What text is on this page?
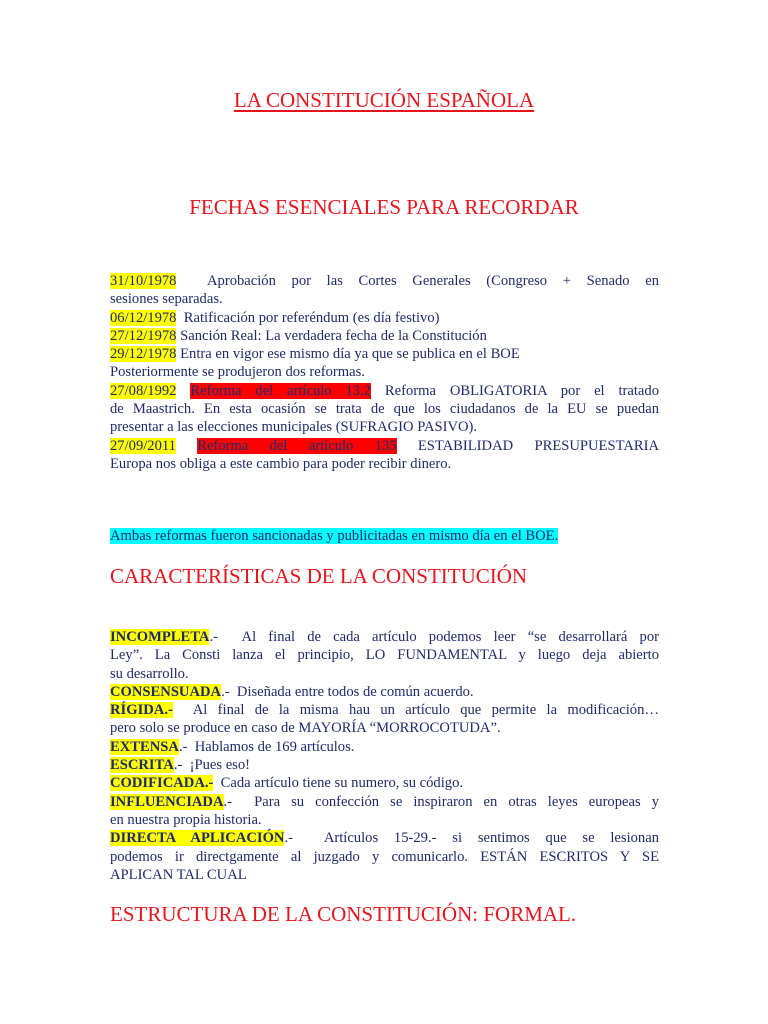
LA CONSTITUCIÓN ESPAÑOLA
FECHAS ESENCIALES PARA RECORDAR
31/10/1978 Aprobación por las Cortes Generales (Congreso + Senado en
sesiones separadas.
06/12/1978 Ratificación por referéndum (es día festivo)
27/12/1978 Sanción Real: La verdadera fecha de la Constitución
29/12/1978 Entra en vigor ese mismo día ya que se publica en el BOE
Posteriormente se produjeron dos reformas.
27/08/1992 Reforma del artículo 13.2 Reforma OBLIGATORIA por el tratado
de Maastrich. En esta ocasión se trata de que los ciudadanos de la EU se puedan
presentar a las elecciones municipales (SUFRAGIO PASIVO).
27/09/2011 Reforma del artículo 135 ESTABILIDAD PRESUPUESTARIA
Europa nos obliga a este cambio para poder recibir dinero.
Ambas reformas fueron sancionadas y publicitadas en mismo día en el BOE.
CARACTERÍSTICAS DE LA CONSTITUCIÓN
INCOMPLETA.- Al final de cada artículo podemos leer “se desarrollará por
Ley”. La Consti lanza el principio, LO FUNDAMENTAL y luego deja abierto
su desarrollo.
CONSENSUADA.- Diseñada entre todos de común acuerdo.
RÍGIDA.- Al final de la misma hau un artículo que permite la modificación…
pero solo se produce en caso de MAYORÍA “MORROCOTUDA”.
EXTENSA.- Hablamos de 169 artículos.
ESCRITA.- ¡Pues eso!
CODIFICADA.- Cada artículo tiene su numero, su código.
INFLUENCIADA.- Para su confección se inspiraron en otras leyes europeas y
en nuestra propia historia.
DIRECTA APLICACIÓN.- Artículos 15-29.- si sentimos que se lesionan
podemos ir directgamente al juzgado y comunicarlo. ESTÁN ESCRITOS Y SE
APLICAN TAL CUAL
ESTRUCTURA DE LA CONSTITUCIÓN: FORMAL.
